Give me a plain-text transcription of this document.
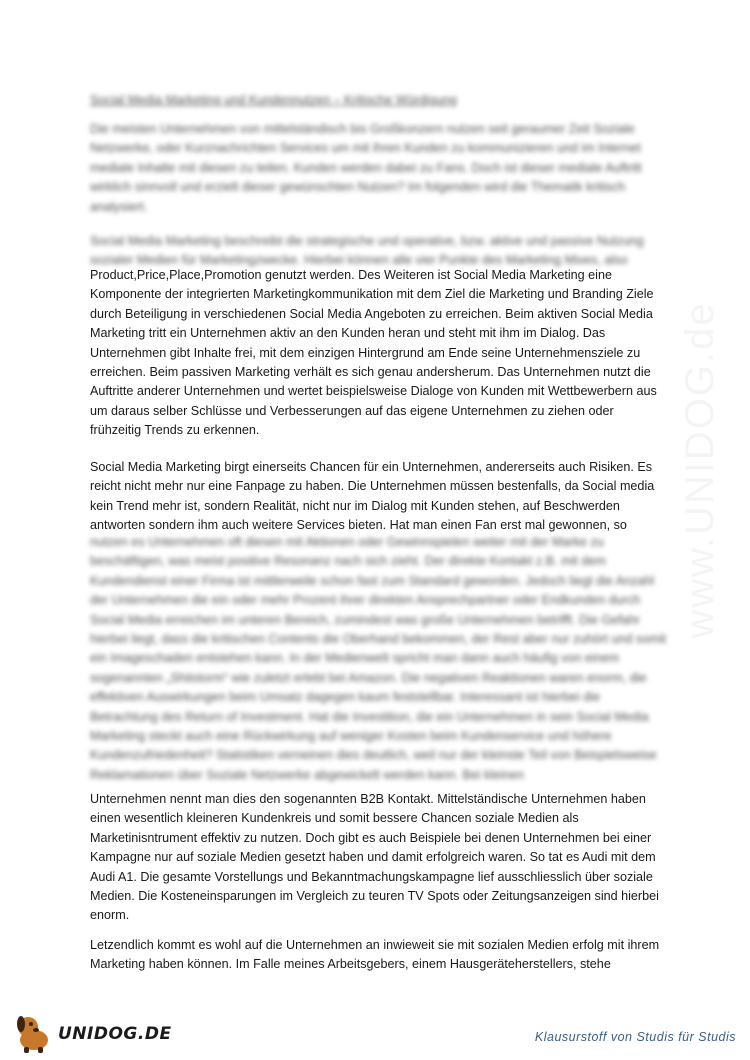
Social Media Marketing und Kundennutzen – Kritische Würdigung

Die meisten Unternehmen von mittelständisch bis Großkonzern nutzen seit geraumer Zeit Soziale Netzwerke, oder Kurznachrichten Services um mit ihren Kunden zu kommunizieren und im Internet mediale Inhalte mit diesen zu teilen. Kunden werden dabei zu Fans. Doch ist dieser mediale Auftritt wirklich sinnvoll und erzielt dieser gewünschten Nutzen? Im folgenden wird die Thematik kritisch analysiert.

Social Media Marketing beschreibt die strategische und operative, bzw. aktive und passive Nutzung sozialer Medien für Marketingzwecke. Hierbei können alle vier Punkte des Marketing Mixes, also

Product,Price,Place,Promotion genutzt werden. Des Weiteren ist Social Media Marketing eine Komponente der integrierten Marketingkommunikation mit dem Ziel die Marketing und Branding Ziele durch Beteiligung in verschiedenen Social Media Angeboten zu erreichen. Beim aktiven Social Media Marketing tritt ein Unternehmen aktiv an den Kunden heran und steht mit ihm im Dialog. Das Unternehmen gibt Inhalte frei, mit dem einzigen Hintergrund am Ende seine Unternehmensziele zu erreichen. Beim passiven Marketing verhält es sich genau andersherum. Das Unternehmen nutzt die Auftritte anderer Unternehmen und wertet beispielsweise Dialoge von Kunden mit Wettbewerbern aus um daraus selber Schlüsse und Verbesserungen auf das eigene Unternehmen zu ziehen oder frühzeitig Trends zu erkennen.

Social Media Marketing birgt einerseits Chancen für ein Unternehmen, andererseits auch Risiken. Es reicht nicht mehr nur eine Fanpage zu haben. Die Unternehmen müssen bestenfalls, da Social media kein Trend mehr ist, sondern Realität, nicht nur im Dialog mit Kunden stehen, auf Beschwerden antworten sondern ihm auch weitere Services bieten. Hat man einen Fan erst mal gewonnen, so

nutzen es Unternehmen oft diesen mit Aktionen oder Gewinnspielen weiter mit der Marke zu beschäftigen, was meist positive Resonanz nach sich zieht. Der direkte Kontakt z.B. mit dem Kundendienst einer Firma ist mittlerweile schon fast zum Standard geworden. Jedoch liegt die Anzahl der Unternehmen die ein oder mehr Prozent ihrer direkten Ansprechpartner oder Endkunden durch Social Media erreichen im unteren Bereich, zumindest was große Unternehmen betrifft. Die Gefahr hierbei liegt, dass die kritischen Contents die Oberhand bekommen, der Rest aber nur zuhört und somit ein Imageschaden entstehen kann. In der Medienwelt spricht man dann auch häufig von einem sogenannten „Shitstorm“ wie zuletzt erlebt bei Amazon. Die negativen Reaktionen waren enorm, die effektiven Auswirkungen beim Umsatz dagegen kaum feststellbar. Interessant ist hierbei die Betrachtung des Return of Investment. Hat die Investition, die ein Unternehmen in sein Social Media Marketing steckt auch eine Rückwirkung auf weniger Kosten beim Kundenservice und höhere Kundenzufriedenheit? Statistiken verneinen dies deutlich, weil nur der kleinste Teil von Beispielsweise Reklamationen über Soziale Netzwerke abgewickelt werden kann. Bei kleinen

Unternehmen nennt man dies den sogenannten B2B Kontakt. Mittelständische Unternehmen haben einen wesentlich kleineren Kundenkreis und somit bessere Chancen soziale Medien als Marketinisntrument effektiv zu nutzen. Doch gibt es auch Beispiele bei denen Unternehmen bei einer Kampagne nur auf soziale Medien gesetzt haben und damit erfolgreich waren. So tat es Audi mit dem Audi A1. Die gesamte Vorstellungs und Bekanntmachungskampagne lief ausschliesslich über soziale Medien. Die Kosteneinsparungen im Vergleich zu teuren TV Spots oder Zeitungsanzeigen sind hierbei enorm.

Letzendlich kommt es wohl auf die Unternehmen an inwieweit sie mit sozialen Medien erfolg mit ihrem Marketing haben können. Im Falle meines Arbeitsgebers, einem Hausgeräteherstellers, stehe

UNIDOG.DE	Klausurstoff von Studis für Studis
